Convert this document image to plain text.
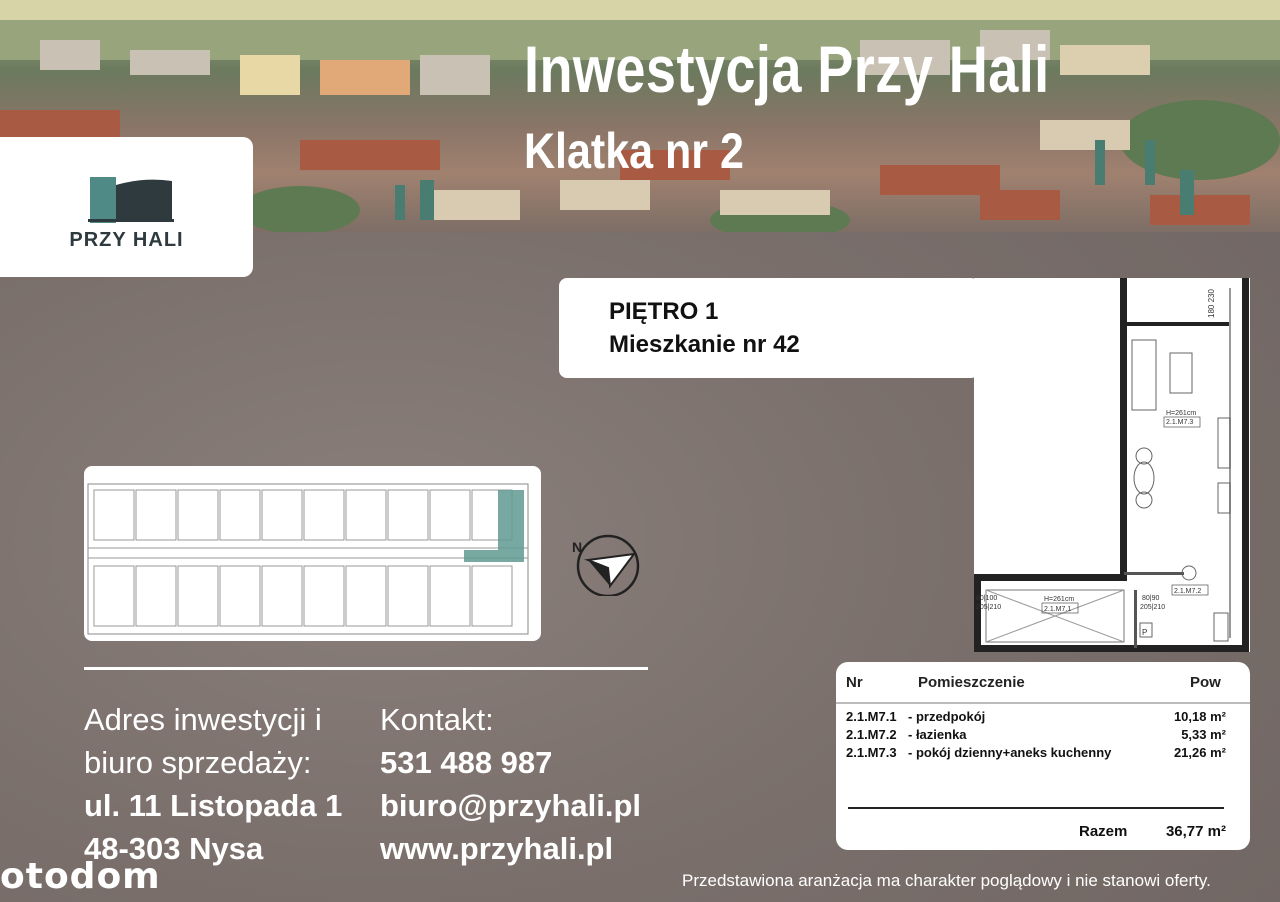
Inwestycja Przy Hali
Klatka nr 2
PRZY HALI
PIĘTRO 1
Mieszkanie nr 42
180 230
H=261cm
2.1.M7.3
H=261cm
2.1.M7.1
2.1.M7.2
80|100
205|210
80|90
205|210
P
N
Adres inwestycji i
biuro sprzedaży:
ul. 11 Listopada 1
48-303 Nysa
Kontakt:
531 488 987
biuro@przyhali.pl
www.przyhali.pl
Nr	Pomieszczenie	Pow
2.1.M7.1 - przedpokój	10,18 m²
2.1.M7.2 - łazienka	5,33 m²
2.1.M7.3 - pokój dzienny+aneks kuchenny	21,26 m²
Razem	36,77 m²
otodom	Przedstawiona aranżacja ma charakter poglądowy i nie stanowi oferty.
